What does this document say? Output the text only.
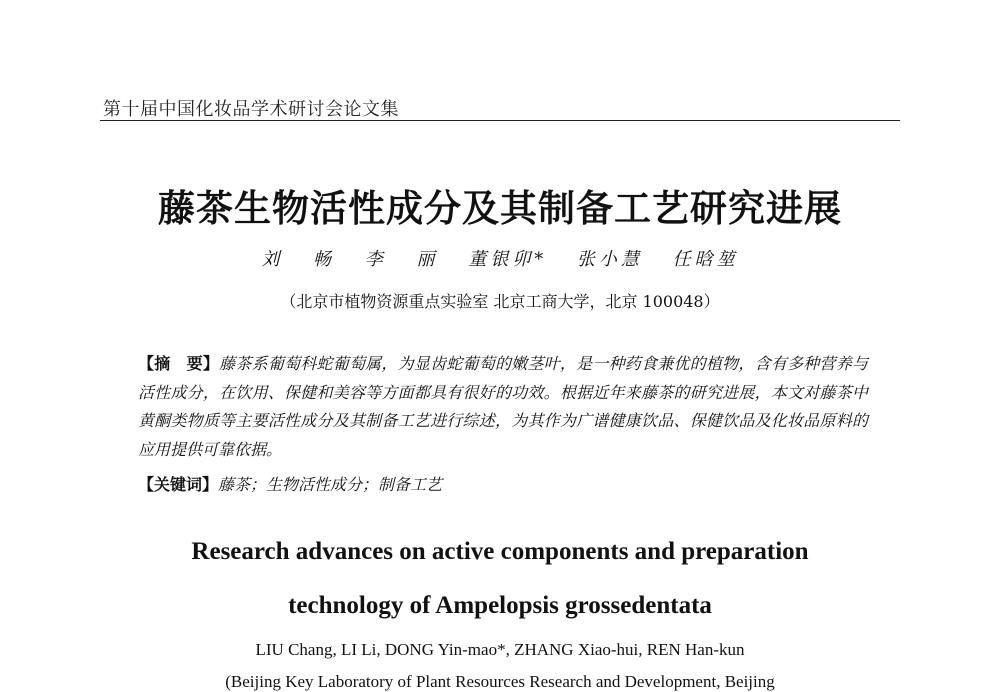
第十届中国化妆品学术研讨会论文集
藤茶生物活性成分及其制备工艺研究进展
刘 畅 李 丽 董银卯* 张小慧 任晗堃
（北京市植物资源重点实验室 北京工商大学，北京 100048）
【摘　要】藤茶系葡萄科蛇葡萄属，为显齿蛇葡萄的嫩茎叶，是一种药食兼优的植物，含有多种营养与活性成分，在饮用、保健和美容等方面都具有很好的功效。根据近年来藤茶的研究进展，本文对藤茶中黄酮类物质等主要活性成分及其制备工艺进行综述，为其作为广谱健康饮品、保健饮品及化妆品原料的应用提供可靠依据。
【关键词】藤茶；生物活性成分；制备工艺
Research advances on active components and preparation
technology of Ampelopsis grossedentata
LIU Chang, LI Li, DONG Yin-mao*, ZHANG Xiao-hui, REN Han-kun
(Beijing Key Laboratory of Plant Resources Research and Development, Beijing
